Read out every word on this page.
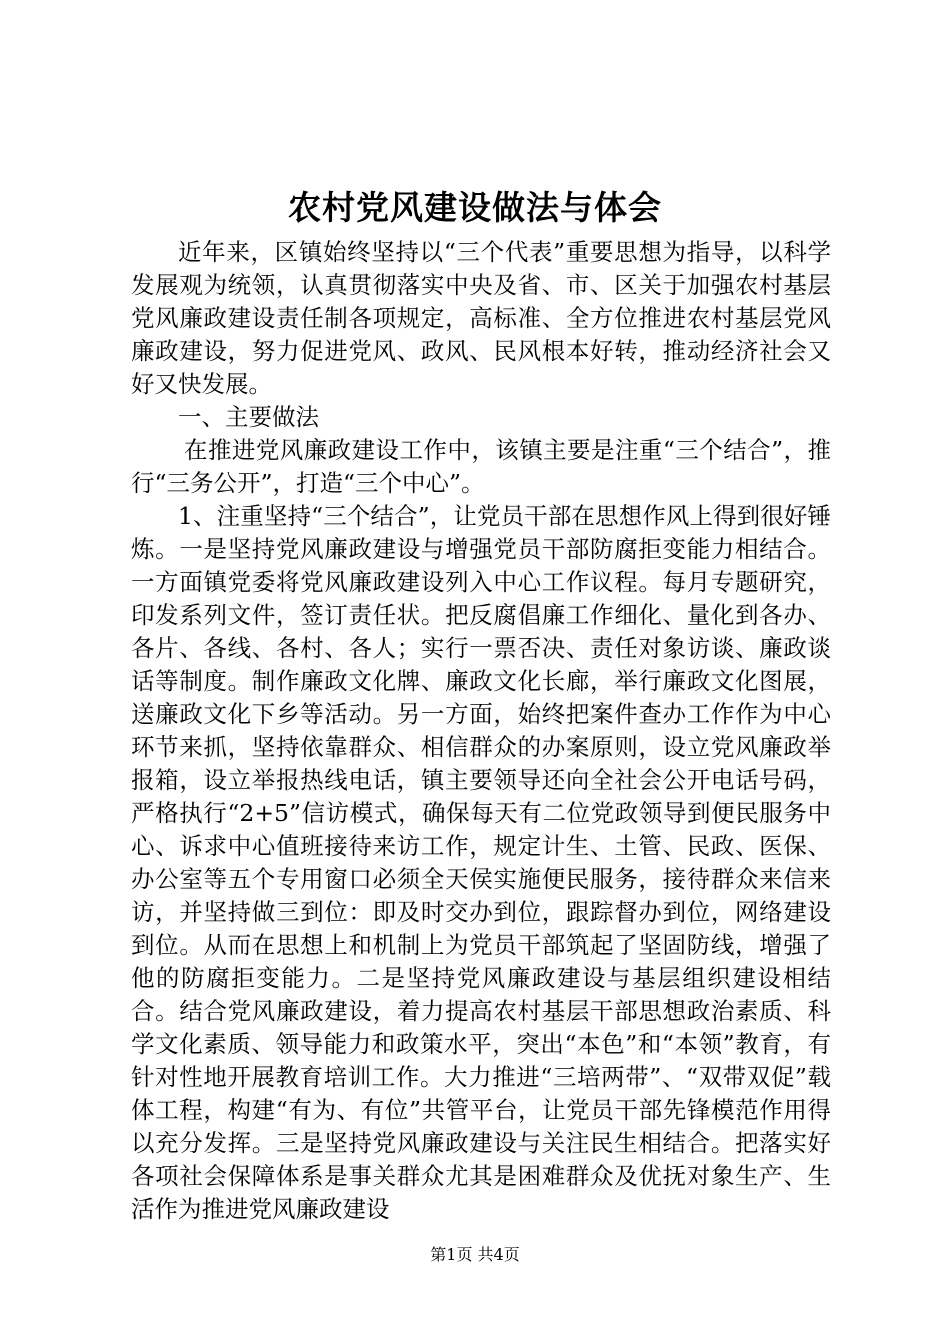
农村党风建设做法与体会

近年来，区镇始终坚持以“三个代表”重要思想为指导，以科学发展观为统领，认真贯彻落实中央及省、市、区关于加强农村基层党风廉政建设责任制各项规定，高标准、全方位推进农村基层党风廉政建设，努力促进党风、政风、民风根本好转，推动经济社会又好又快发展。

一、主要做法

在推进党风廉政建设工作中，该镇主要是注重“三个结合”，推行“三务公开”，打造“三个中心”。

1、注重坚持“三个结合”，让党员干部在思想作风上得到很好锤炼。一是坚持党风廉政建设与增强党员干部防腐拒变能力相结合。一方面镇党委将党风廉政建设列入中心工作议程。每月专题研究，印发系列文件，签订责任状。把反腐倡廉工作细化、量化到各办、各片、各线、各村、各人；实行一票否决、责任对象访谈、廉政谈话等制度。制作廉政文化牌、廉政文化长廊，举行廉政文化图展，送廉政文化下乡等活动。另一方面，始终把案件查办工作作为中心环节来抓，坚持依靠群众、相信群众的办案原则，设立党风廉政举报箱，设立举报热线电话，镇主要领导还向全社会公开电话号码，严格执行“2+5”信访模式，确保每天有二位党政领导到便民服务中心、诉求中心值班接待来访工作，规定计生、土管、民政、医保、办公室等五个专用窗口必须全天侯实施便民服务，接待群众来信来访，并坚持做三到位：即及时交办到位，跟踪督办到位，网络建设到位。从而在思想上和机制上为党员干部筑起了坚固防线，增强了他的防腐拒变能力。二是坚持党风廉政建设与基层组织建设相结合。结合党风廉政建设，着力提高农村基层干部思想政治素质、科学文化素质、领导能力和政策水平，突出“本色”和“本领”教育，有针对性地开展教育培训工作。大力推进“三培两带”、“双带双促”载体工程，构建“有为、有位”共管平台，让党员干部先锋模范作用得以充分发挥。三是坚持党风廉政建设与关注民生相结合。把落实好各项社会保障体系是事关群众尤其是困难群众及优抚对象生产、生活作为推进党风廉政建设

第1页 共4页
